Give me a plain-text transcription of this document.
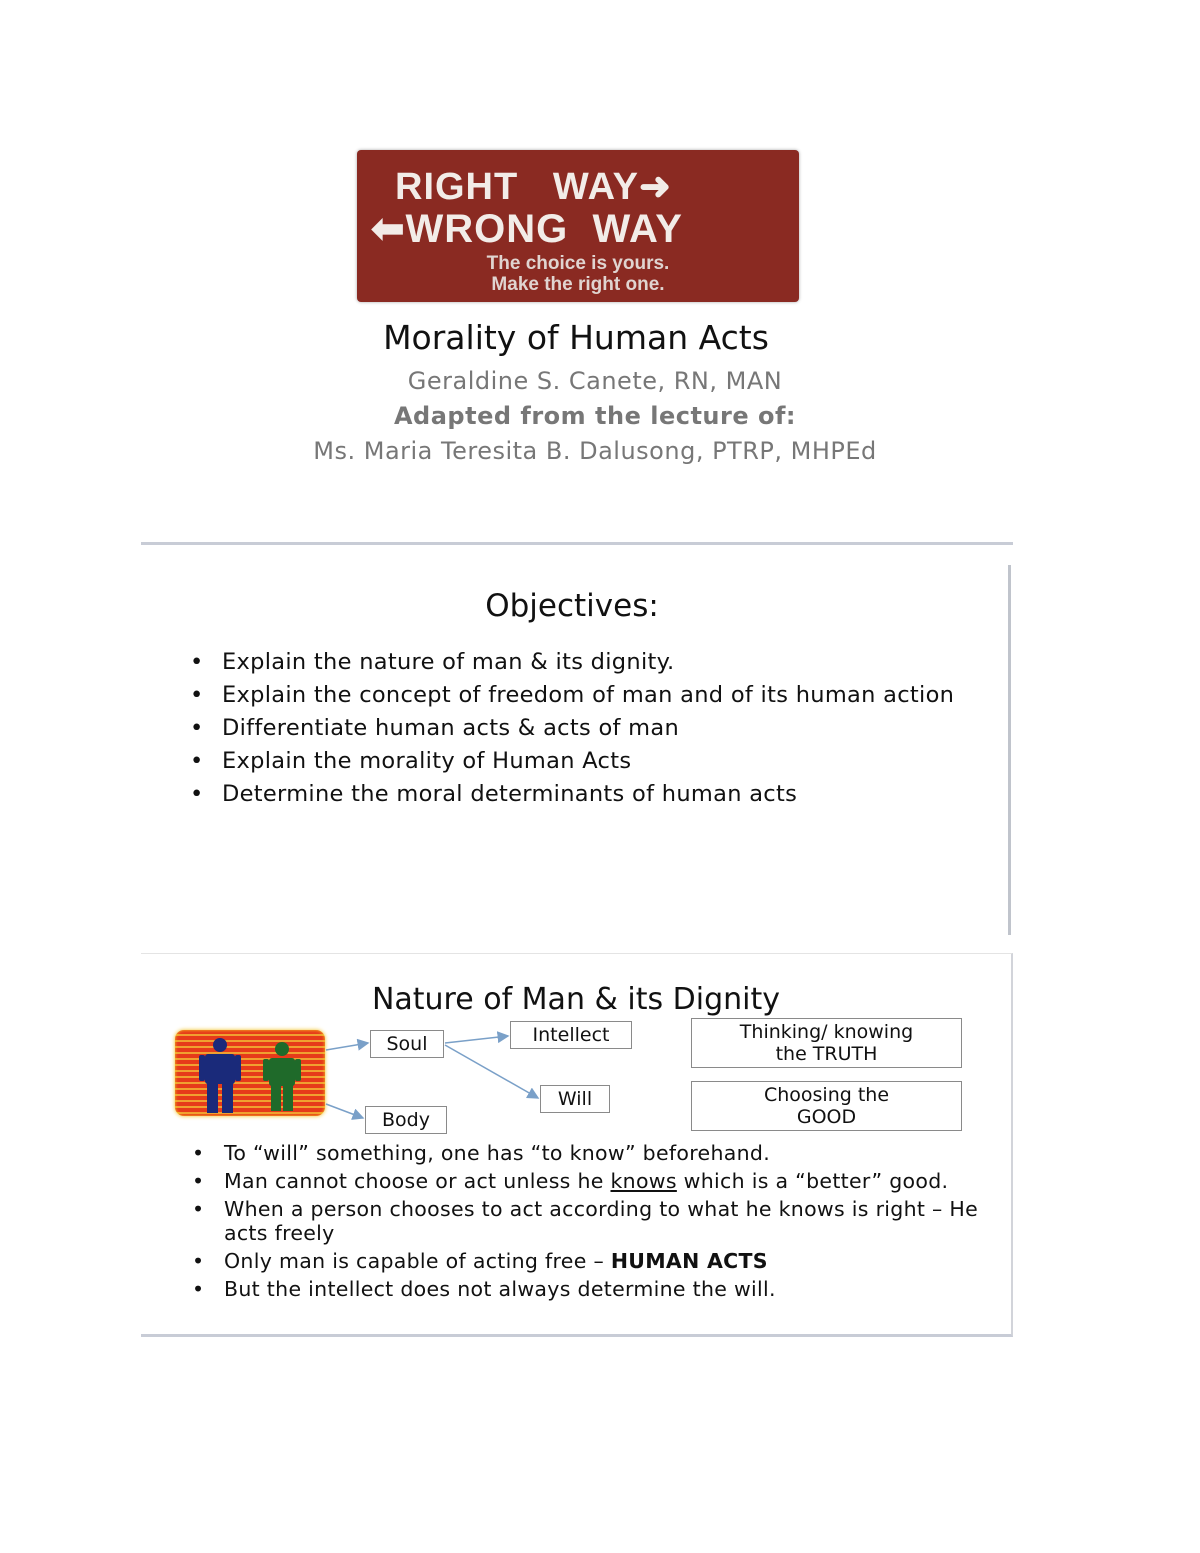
RIGHT   WAY➜
⬅WRONG  WAY
The choice is yours.
Make the right one.
Morality of Human Acts
Geraldine S. Canete, RN, MAN
Adapted from the lecture of:
Ms. Maria Teresita B. Dalusong, PTRP, MHPEd
Objectives:
• Explain the nature of man & its dignity.
• Explain the concept of freedom of man and of its human action
• Differentiate human acts & acts of man
• Explain the morality of Human Acts
• Determine the moral determinants of human acts
Nature of Man & its Dignity
Soul	Intellect
Will
Body
Thinking/ knowing
the TRUTH
Choosing the
GOOD
• To “will” something, one has “to know” beforehand.
• Man cannot choose or act unless he knows which is a “better” good.
• When a person chooses to act according to what he knows is right – He acts freely
• Only man is capable of acting free – HUMAN ACTS
• But the intellect does not always determine the will.
